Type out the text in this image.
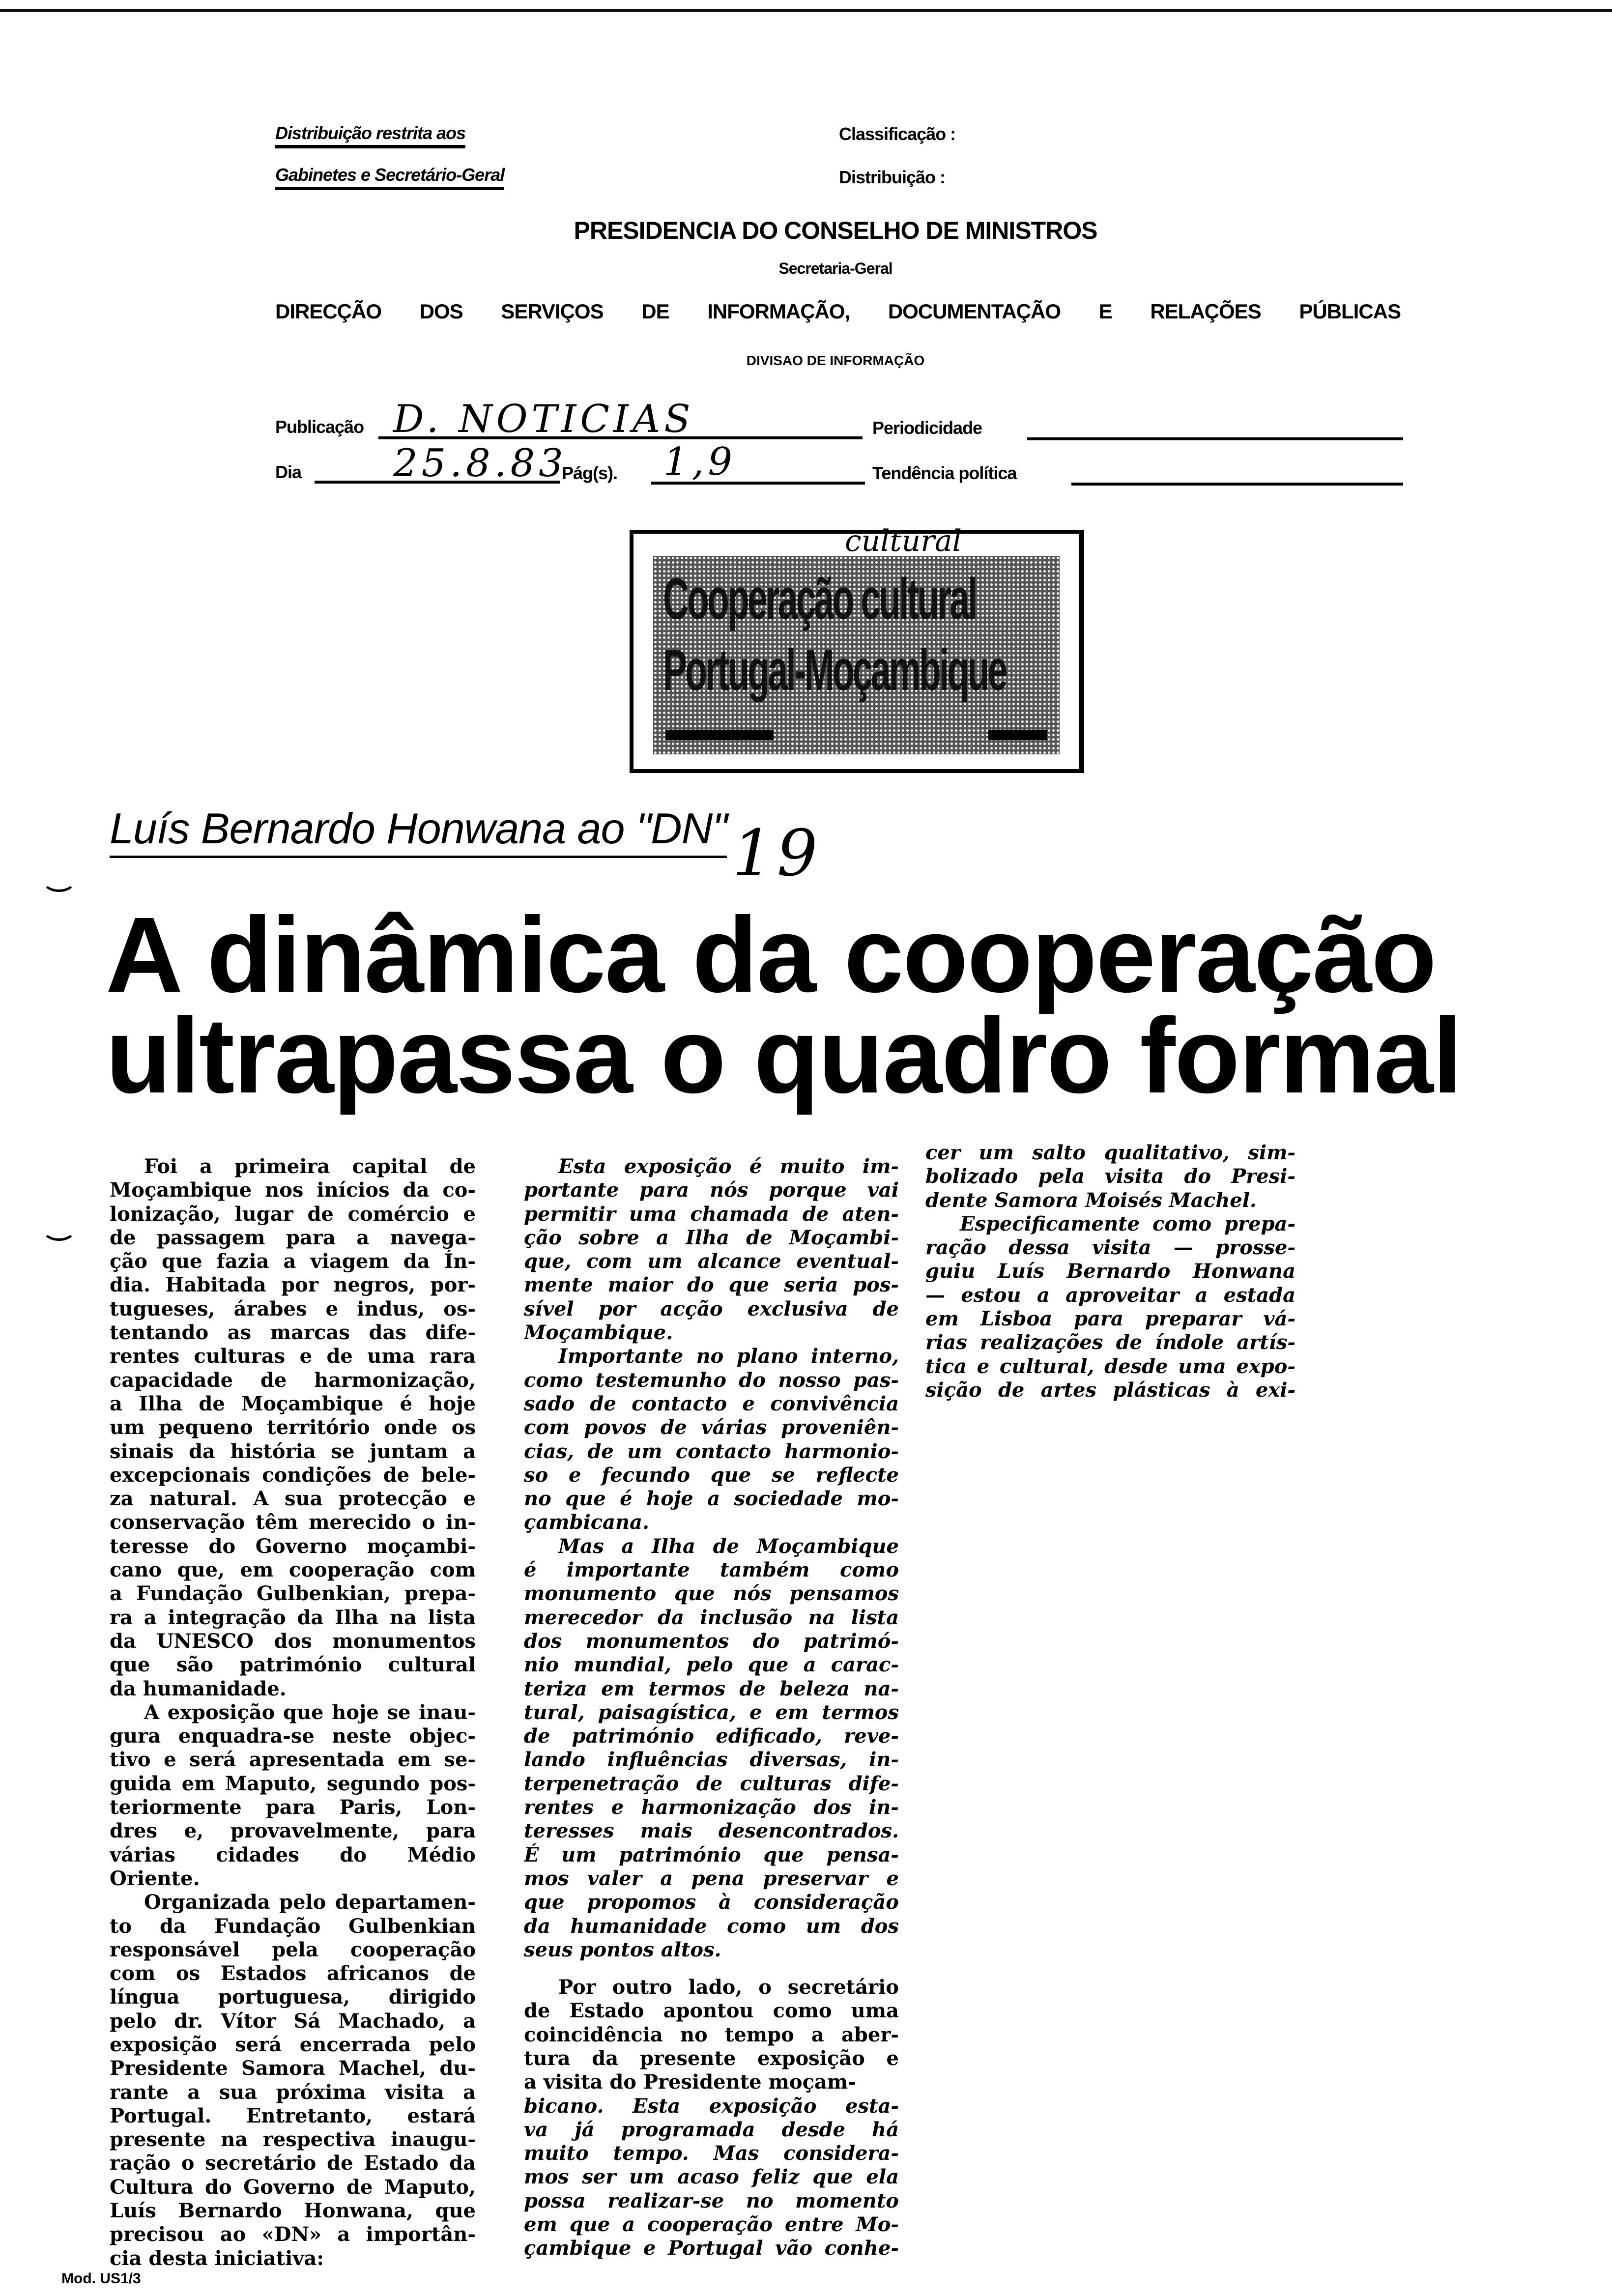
Distribuição restrita aos
Gabinetes e Secretário-Geral
Classificação :
Distribuição :
PRESIDENCIA DO CONSELHO DE MINISTROS
Secretaria-Geral
DIRECÇÃO DOS SERVIÇOS DE INFORMAÇÃO, DOCUMENTAÇÃO E RELAÇÕES PÚBLICAS
DIVISAO DE INFORMAÇÃO
Publicação D. NOTICIAS	Periodicidade
Dia 25.8.83
Pág(s). 1,9	Tendência política
Cooperação cultural
Portugal-Moçambique
cultural
Luís Bernardo Honwana ao "DN" 19
A dinâmica da cooperação
ultrapassa o quadro formal
Foi a primeira capital de
Moçambique nos inícios da co-
lonização, lugar de comércio e
de passagem para a navega-
ção que fazia a viagem da Ín-
dia. Habitada por negros, por-
tugueses, árabes e indus, os-
tentando as marcas das dife-
rentes culturas e de uma rara
capacidade de harmonização,
a Ilha de Moçambique é hoje
um pequeno território onde os
sinais da história se juntam a
excepcionais condições de bele-
za natural. A sua protecção e
conservação têm merecido o in-
teresse do Governo moçambi-
cano que, em cooperação com
a Fundação Gulbenkian, prepa-
ra a integração da Ilha na lista
da UNESCO dos monumentos
que são património cultural
da humanidade.
A exposição que hoje se inau-
gura enquadra-se neste objec-
tivo e será apresentada em se-
guida em Maputo, segundo pos-
teriormente para Paris, Lon-
dres e, provavelmente, para
várias cidades do Médio
Oriente.
Organizada pelo departamen-
to da Fundação Gulbenkian
responsável pela cooperação
com os Estados africanos de
língua portuguesa, dirigido
pelo dr. Vítor Sá Machado, a
exposição será encerrada pelo
Presidente Samora Machel, du-
rante a sua próxima visita a
Portugal. Entretanto, estará
presente na respectiva inaugu-
ração o secretário de Estado da
Cultura do Governo de Maputo,
Luís Bernardo Honwana, que
precisou ao «DN» a importân-
cia desta iniciativa:
Esta exposição é muito im-
portante para nós porque vai
permitir uma chamada de aten-
ção sobre a Ilha de Moçambi-
que, com um alcance eventual-
mente maior do que seria pos-
sível por acção exclusiva de
Moçambique.
Importante no plano interno,
como testemunho do nosso pas-
sado de contacto e convivência
com povos de várias proveniên-
cias, de um contacto harmonio-
so e fecundo que se reflecte
no que é hoje a sociedade mo-
çambicana.
Mas a Ilha de Moçambique
é importante também como
monumento que nós pensamos
merecedor da inclusão na lista
dos monumentos do patrimó-
nio mundial, pelo que a carac-
teriza em termos de beleza na-
tural, paisagística, e em termos
de património edificado, reve-
lando influências diversas, in-
terpenetração de culturas dife-
rentes e harmonização dos in-
teresses mais desencontrados.
É um património que pensa-
mos valer a pena preservar e
que propomos à consideração
da humanidade como um dos
seus pontos altos.
Por outro lado, o secretário
de Estado apontou como uma
coincidência no tempo a aber-
tura da presente exposição e
a visita do Presidente moçam-
bicano. Esta exposição esta-
va já programada desde há
muito tempo. Mas considera-
mos ser um acaso feliz que ela
possa realizar-se no momento
em que a cooperação entre Mo-
çambique e Portugal vão conhe-
cer um salto qualitativo, sim-
bolizado pela visita do Presi-
dente Samora Moisés Machel.
Especificamente como prepa-
ração dessa visita — prosse-
guiu Luís Bernardo Honwana
— estou a aproveitar a estada
em Lisboa para preparar vá-
rias realizações de índole artís-
tica e cultural, desde uma expo-
sição de artes plásticas à exi-
Mod. US1/3
